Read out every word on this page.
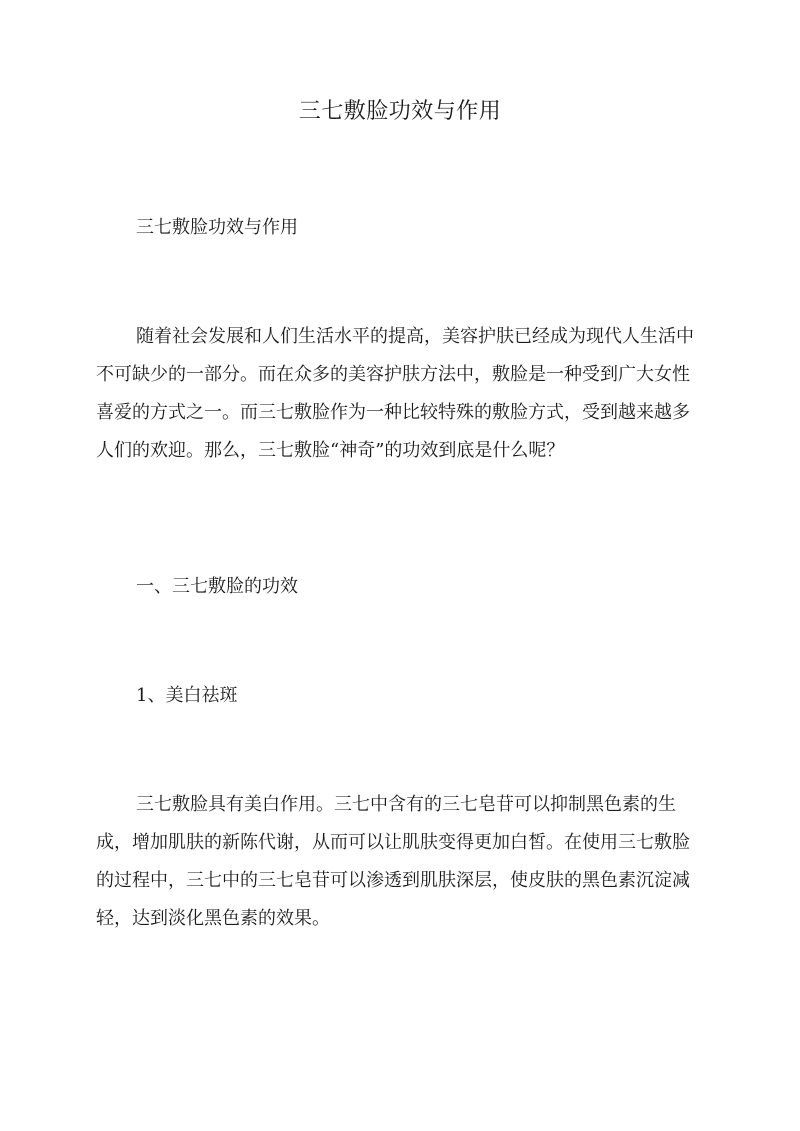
三七敷脸功效与作用

三七敷脸功效与作用

随着社会发展和人们生活水平的提高，美容护肤已经成为现代人生活中不可缺少的一部分。而在众多的美容护肤方法中，敷脸是一种受到广大女性喜爱的方式之一。而三七敷脸作为一种比较特殊的敷脸方式，受到越来越多人们的欢迎。那么，三七敷脸“神奇”的功效到底是什么呢？

一、三七敷脸的功效

1、美白祛斑

三七敷脸具有美白作用。三七中含有的三七皂苷可以抑制黑色素的生成，增加肌肤的新陈代谢，从而可以让肌肤变得更加白皙。在使用三七敷脸的过程中，三七中的三七皂苷可以渗透到肌肤深层，使皮肤的黑色素沉淀减轻，达到淡化黑色素的效果。
